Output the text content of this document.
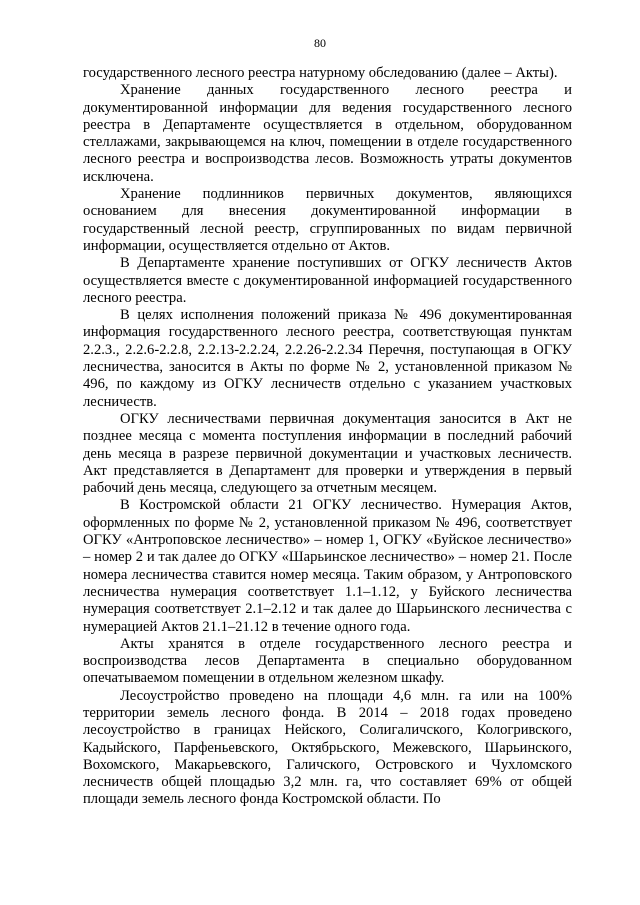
80

государственного лесного реестра натурному обследованию (далее – Акты).

Хранение данных государственного лесного реестра и документированной информации для ведения государственного лесного реестра в Департаменте осуществляется в отдельном, оборудованном стеллажами, закрывающемся на ключ, помещении в отделе государственного лесного реестра и воспроизводства лесов. Возможность утраты документов исключена.

Хранение подлинников первичных документов, являющихся основанием для внесения документированной информации в государственный лесной реестр, сгруппированных по видам первичной информации, осуществляется отдельно от Актов.

В Департаменте хранение поступивших от ОГКУ лесничеств Актов осуществляется вместе с документированной информацией государственного лесного реестра.

В целях исполнения положений приказа № 496 документированная информация государственного лесного реестра, соответствующая пунктам 2.2.3., 2.2.6-2.2.8, 2.2.13-2.2.24, 2.2.26-2.2.34 Перечня, поступающая в ОГКУ лесничества, заносится в Акты по форме № 2, установленной приказом № 496, по каждому из ОГКУ лесничеств отдельно с указанием участковых лесничеств.

ОГКУ лесничествами первичная документация заносится в Акт не позднее месяца с момента поступления информации в последний рабочий день месяца в разрезе первичной документации и участковых лесничеств. Акт представляется в Департамент для проверки и утверждения в первый рабочий день месяца, следующего за отчетным месяцем.

В Костромской области 21 ОГКУ лесничество. Нумерация Актов, оформленных по форме № 2, установленной приказом № 496, соответствует ОГКУ «Антроповское лесничество» – номер 1, ОГКУ «Буйское лесничество» – номер 2 и так далее до ОГКУ «Шарьинское лесничество» – номер 21. После номера лесничества ставится номер месяца. Таким образом, у Антроповского лесничества нумерация соответствует 1.1–1.12, у Буйского лесничества нумерация соответствует 2.1–2.12 и так далее до Шарьинского лесничества с нумерацией Актов 21.1–21.12 в течение одного года.

Акты хранятся в отделе государственного лесного реестра и воспроизводства лесов Департамента в специально оборудованном опечатываемом помещении в отдельном железном шкафу.

Лесоустройство проведено на площади 4,6 млн. га или на 100% территории земель лесного фонда. В 2014 – 2018 годах проведено лесоустройство в границах Нейского, Солигаличского, Кологривского, Кадыйского, Парфеньевского, Октябрьского, Межевского, Шарьинского, Вохомского, Макарьевского, Галичского, Островского и Чухломского лесничеств общей площадью 3,2 млн. га, что составляет 69% от общей площади земель лесного фонда Костромской области. По
